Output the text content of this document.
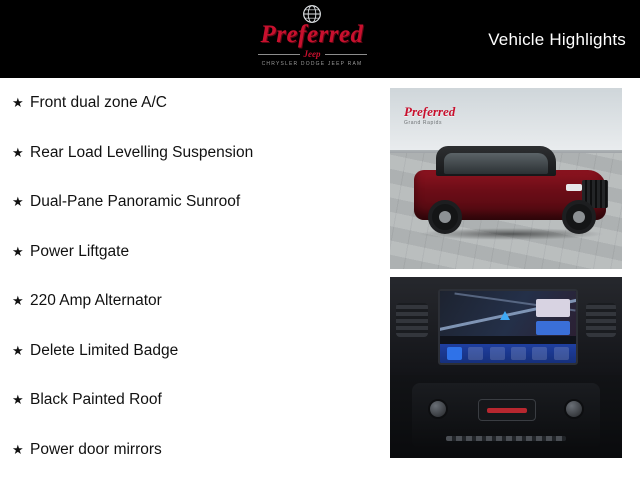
Preferred
Jeep
CHRYSLER DODGE JEEP RAM
Vehicle Highlights
★ Front dual zone A/C
★ Rear Load Levelling Suspension
★ Dual-Pane Panoramic Sunroof
★ Power Liftgate
★ 220 Amp Alternator
★ Delete Limited Badge
★ Black Painted Roof
★ Power door mirrors
Preferred
Grand Rapids
